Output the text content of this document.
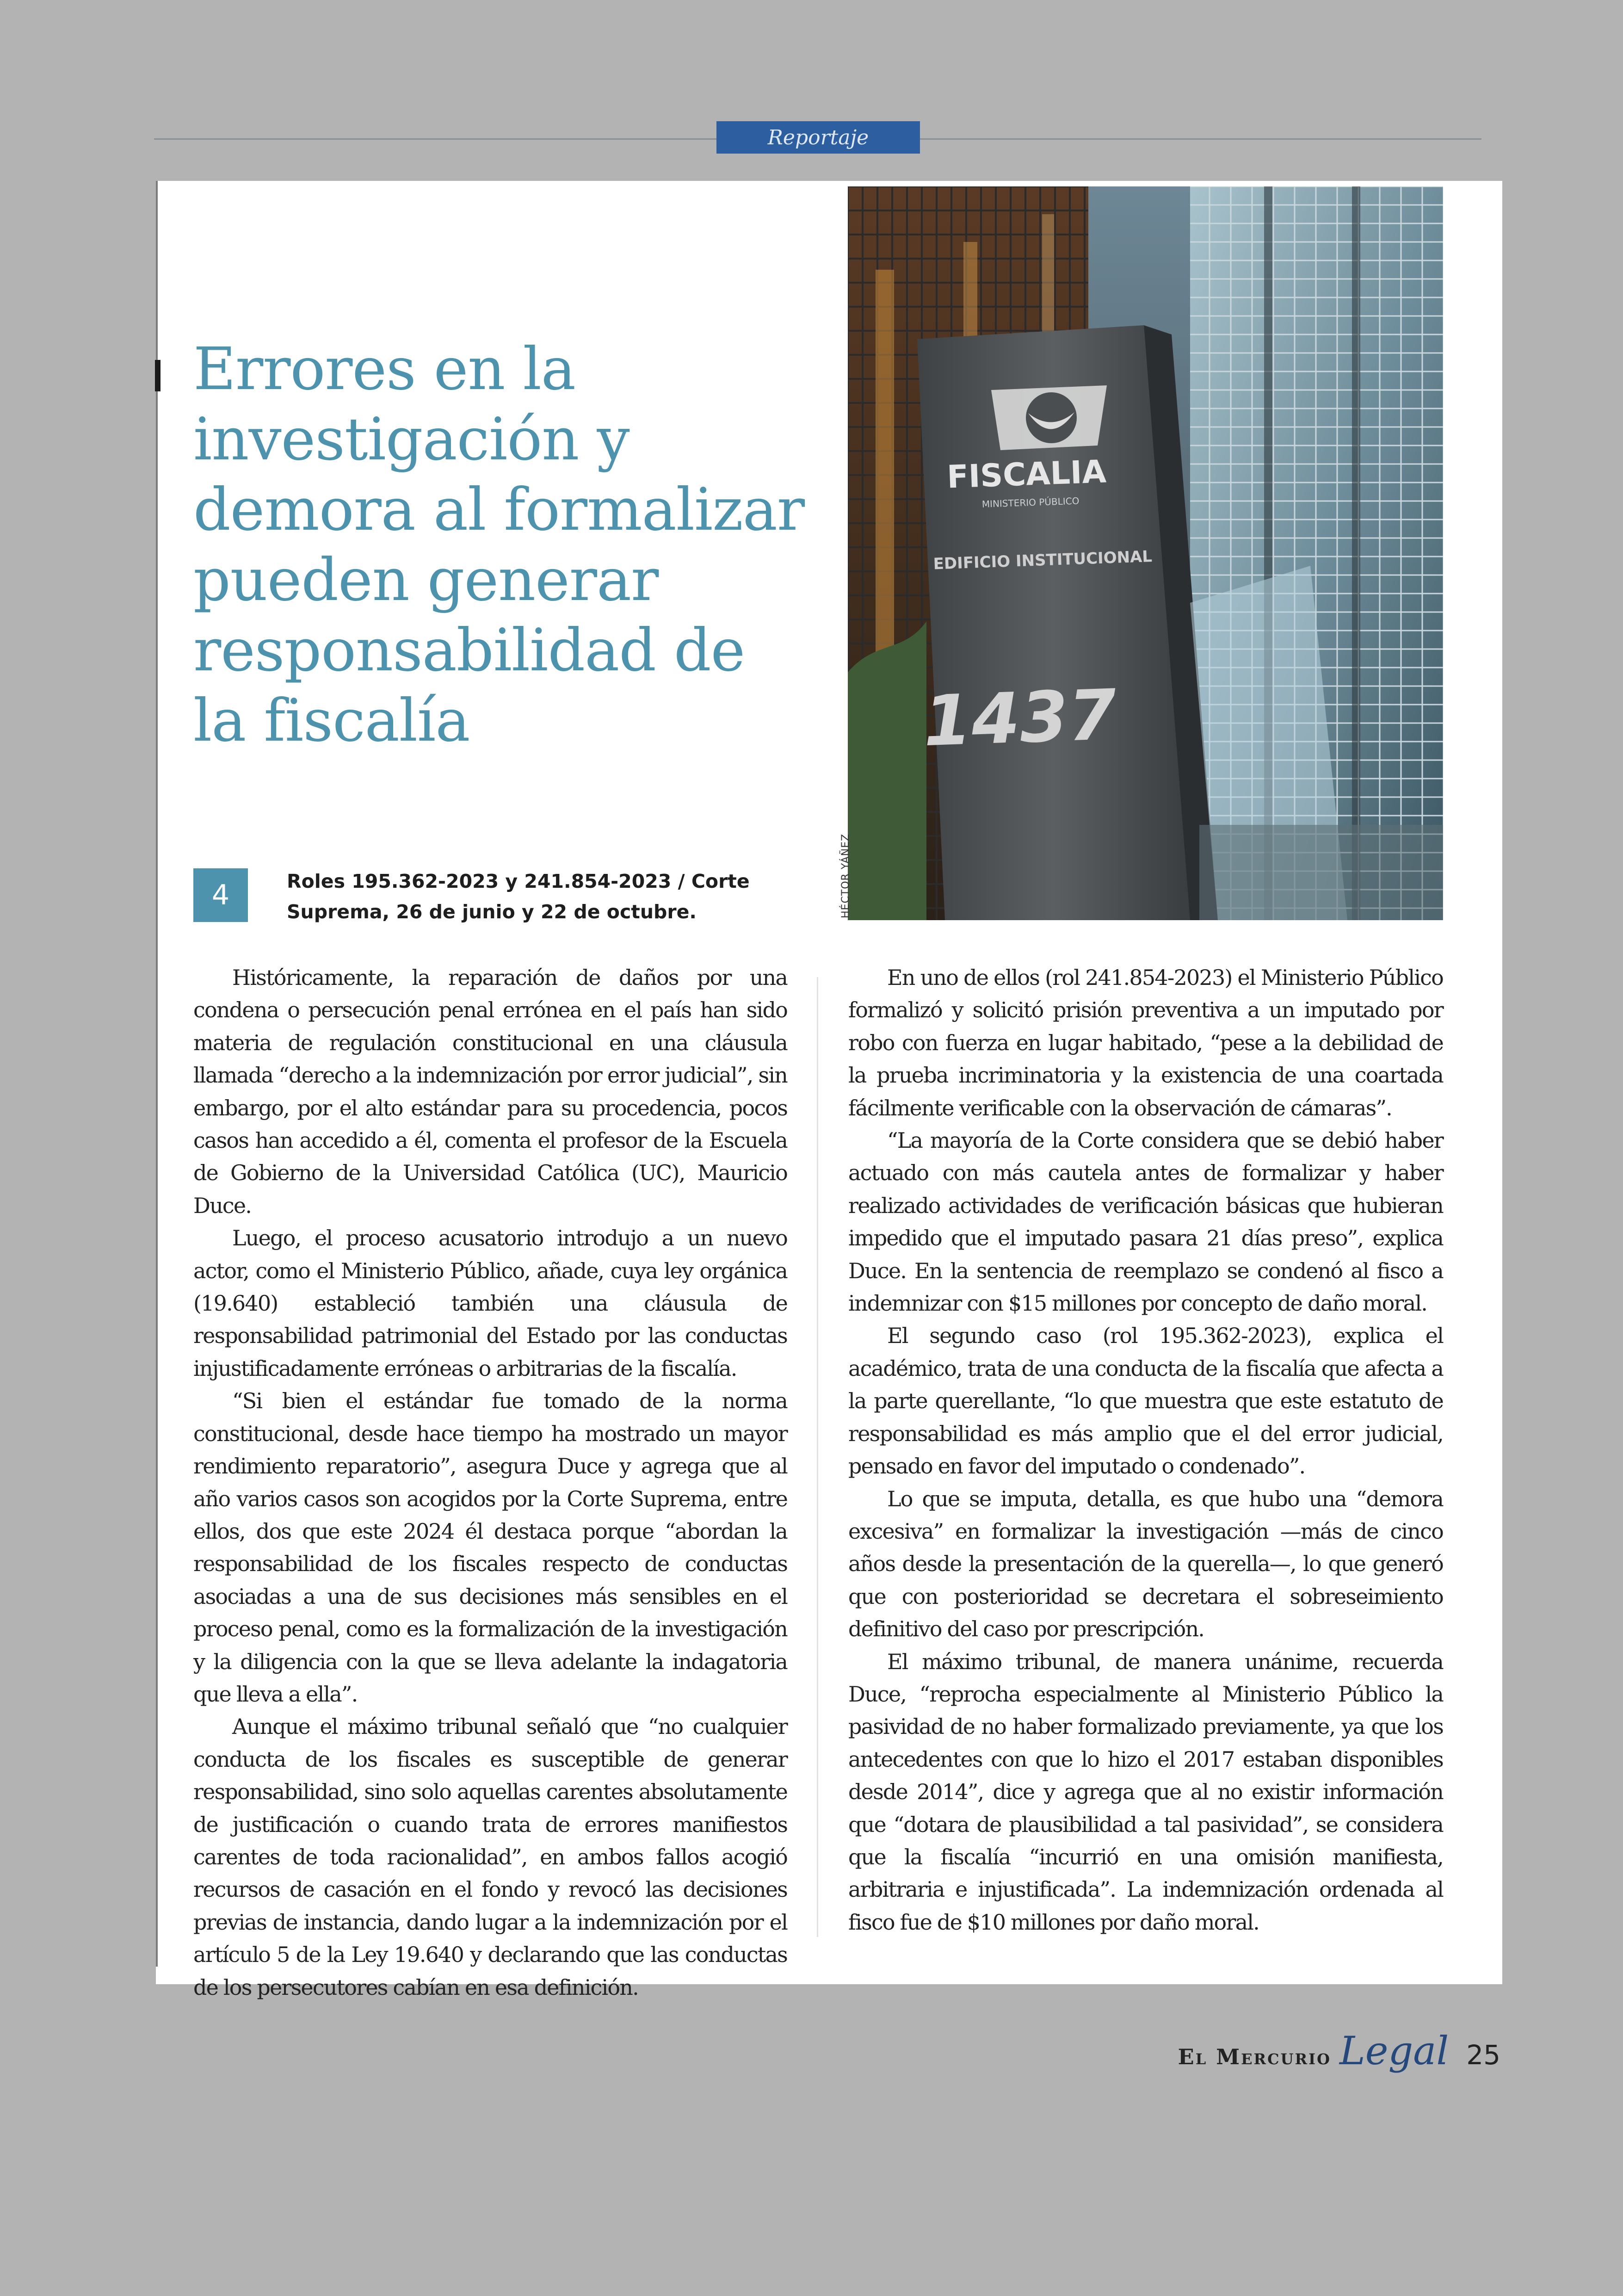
Reportaje
Errores en la investigación y demora al formalizar pueden generar responsabilidad de la fiscalía
4	Roles 195.362-2023 y 241.854-2023 / Corte Suprema, 26 de junio y 22 de octubre.
FISCALIA
MINISTERIO PÚBLICO
EDIFICIO INSTITUCIONAL
1437
HÉCTOR YÁÑEZ

Históricamente, la reparación de daños por una condena o persecución penal errónea en el país han sido materia de regulación constitucional en una cláusula llamada “derecho a la indemnización por error judicial”, sin embargo, por el alto estándar para su procedencia, pocos casos han accedido a él, comenta el profesor de la Escuela de Gobierno de la Universidad Católica (UC), Mauricio Duce.

Luego, el proceso acusatorio introdujo a un nuevo actor, como el Ministerio Público, añade, cuya ley orgánica (19.640) estableció también una cláusula de responsabilidad patrimonial del Estado por las conductas injustificadamente erróneas o arbitrarias de la fiscalía.

“Si bien el estándar fue tomado de la norma constitucional, desde hace tiempo ha mostrado un mayor rendimiento reparatorio”, asegura Duce y agrega que al año varios casos son acogidos por la Corte Suprema, entre ellos, dos que este 2024 él destaca porque “abordan la responsabilidad de los fiscales respecto de conductas asociadas a una de sus decisiones más sensibles en el proceso penal, como es la formalización de la investigación y la diligencia con la que se lleva adelante la indagatoria que lleva a ella”.

Aunque el máximo tribunal señaló que “no cualquier conducta de los fiscales es susceptible de generar responsabilidad, sino solo aquellas carentes absolutamente de justificación o cuando trata de errores manifiestos carentes de toda racionalidad”, en ambos fallos acogió recursos de casación en el fondo y revocó las decisiones previas de instancia, dando lugar a la indemnización por el artículo 5 de la Ley 19.640 y declarando que las conductas de los persecutores cabían en esa definición.

En uno de ellos (rol 241.854-2023) el Ministerio Público formalizó y solicitó prisión preventiva a un imputado por robo con fuerza en lugar habitado, “pese a la debilidad de la prueba incriminatoria y la existencia de una coartada fácilmente verificable con la observación de cámaras”.

“La mayoría de la Corte considera que se debió haber actuado con más cautela antes de formalizar y haber realizado actividades de verificación básicas que hubieran impedido que el imputado pasara 21 días preso”, explica Duce. En la sentencia de reemplazo se condenó al fisco a indemnizar con $15 millones por concepto de daño moral.

El segundo caso (rol 195.362-2023), explica el académico, trata de una conducta de la fiscalía que afecta a la parte querellante, “lo que muestra que este estatuto de responsabilidad es más amplio que el del error judicial, pensado en favor del imputado o condenado”.

Lo que se imputa, detalla, es que hubo una “demora excesiva” en formalizar la investigación —más de cinco años desde la presentación de la querella—, lo que generó que con posterioridad se decretara el sobreseimiento definitivo del caso por prescripción.

El máximo tribunal, de manera unánime, recuerda Duce, “reprocha especialmente al Ministerio Público la pasividad de no haber formalizado previamente, ya que los antecedentes con que lo hizo el 2017 estaban disponibles desde 2014”, dice y agrega que al no existir información que “dotara de plausibilidad a tal pasividad”, se considera que la fiscalía “incurrió en una omisión manifiesta, arbitraria e injustificada”. La indemnización ordenada al fisco fue de $10 millones por daño moral.

El Mercurio Legal 25
